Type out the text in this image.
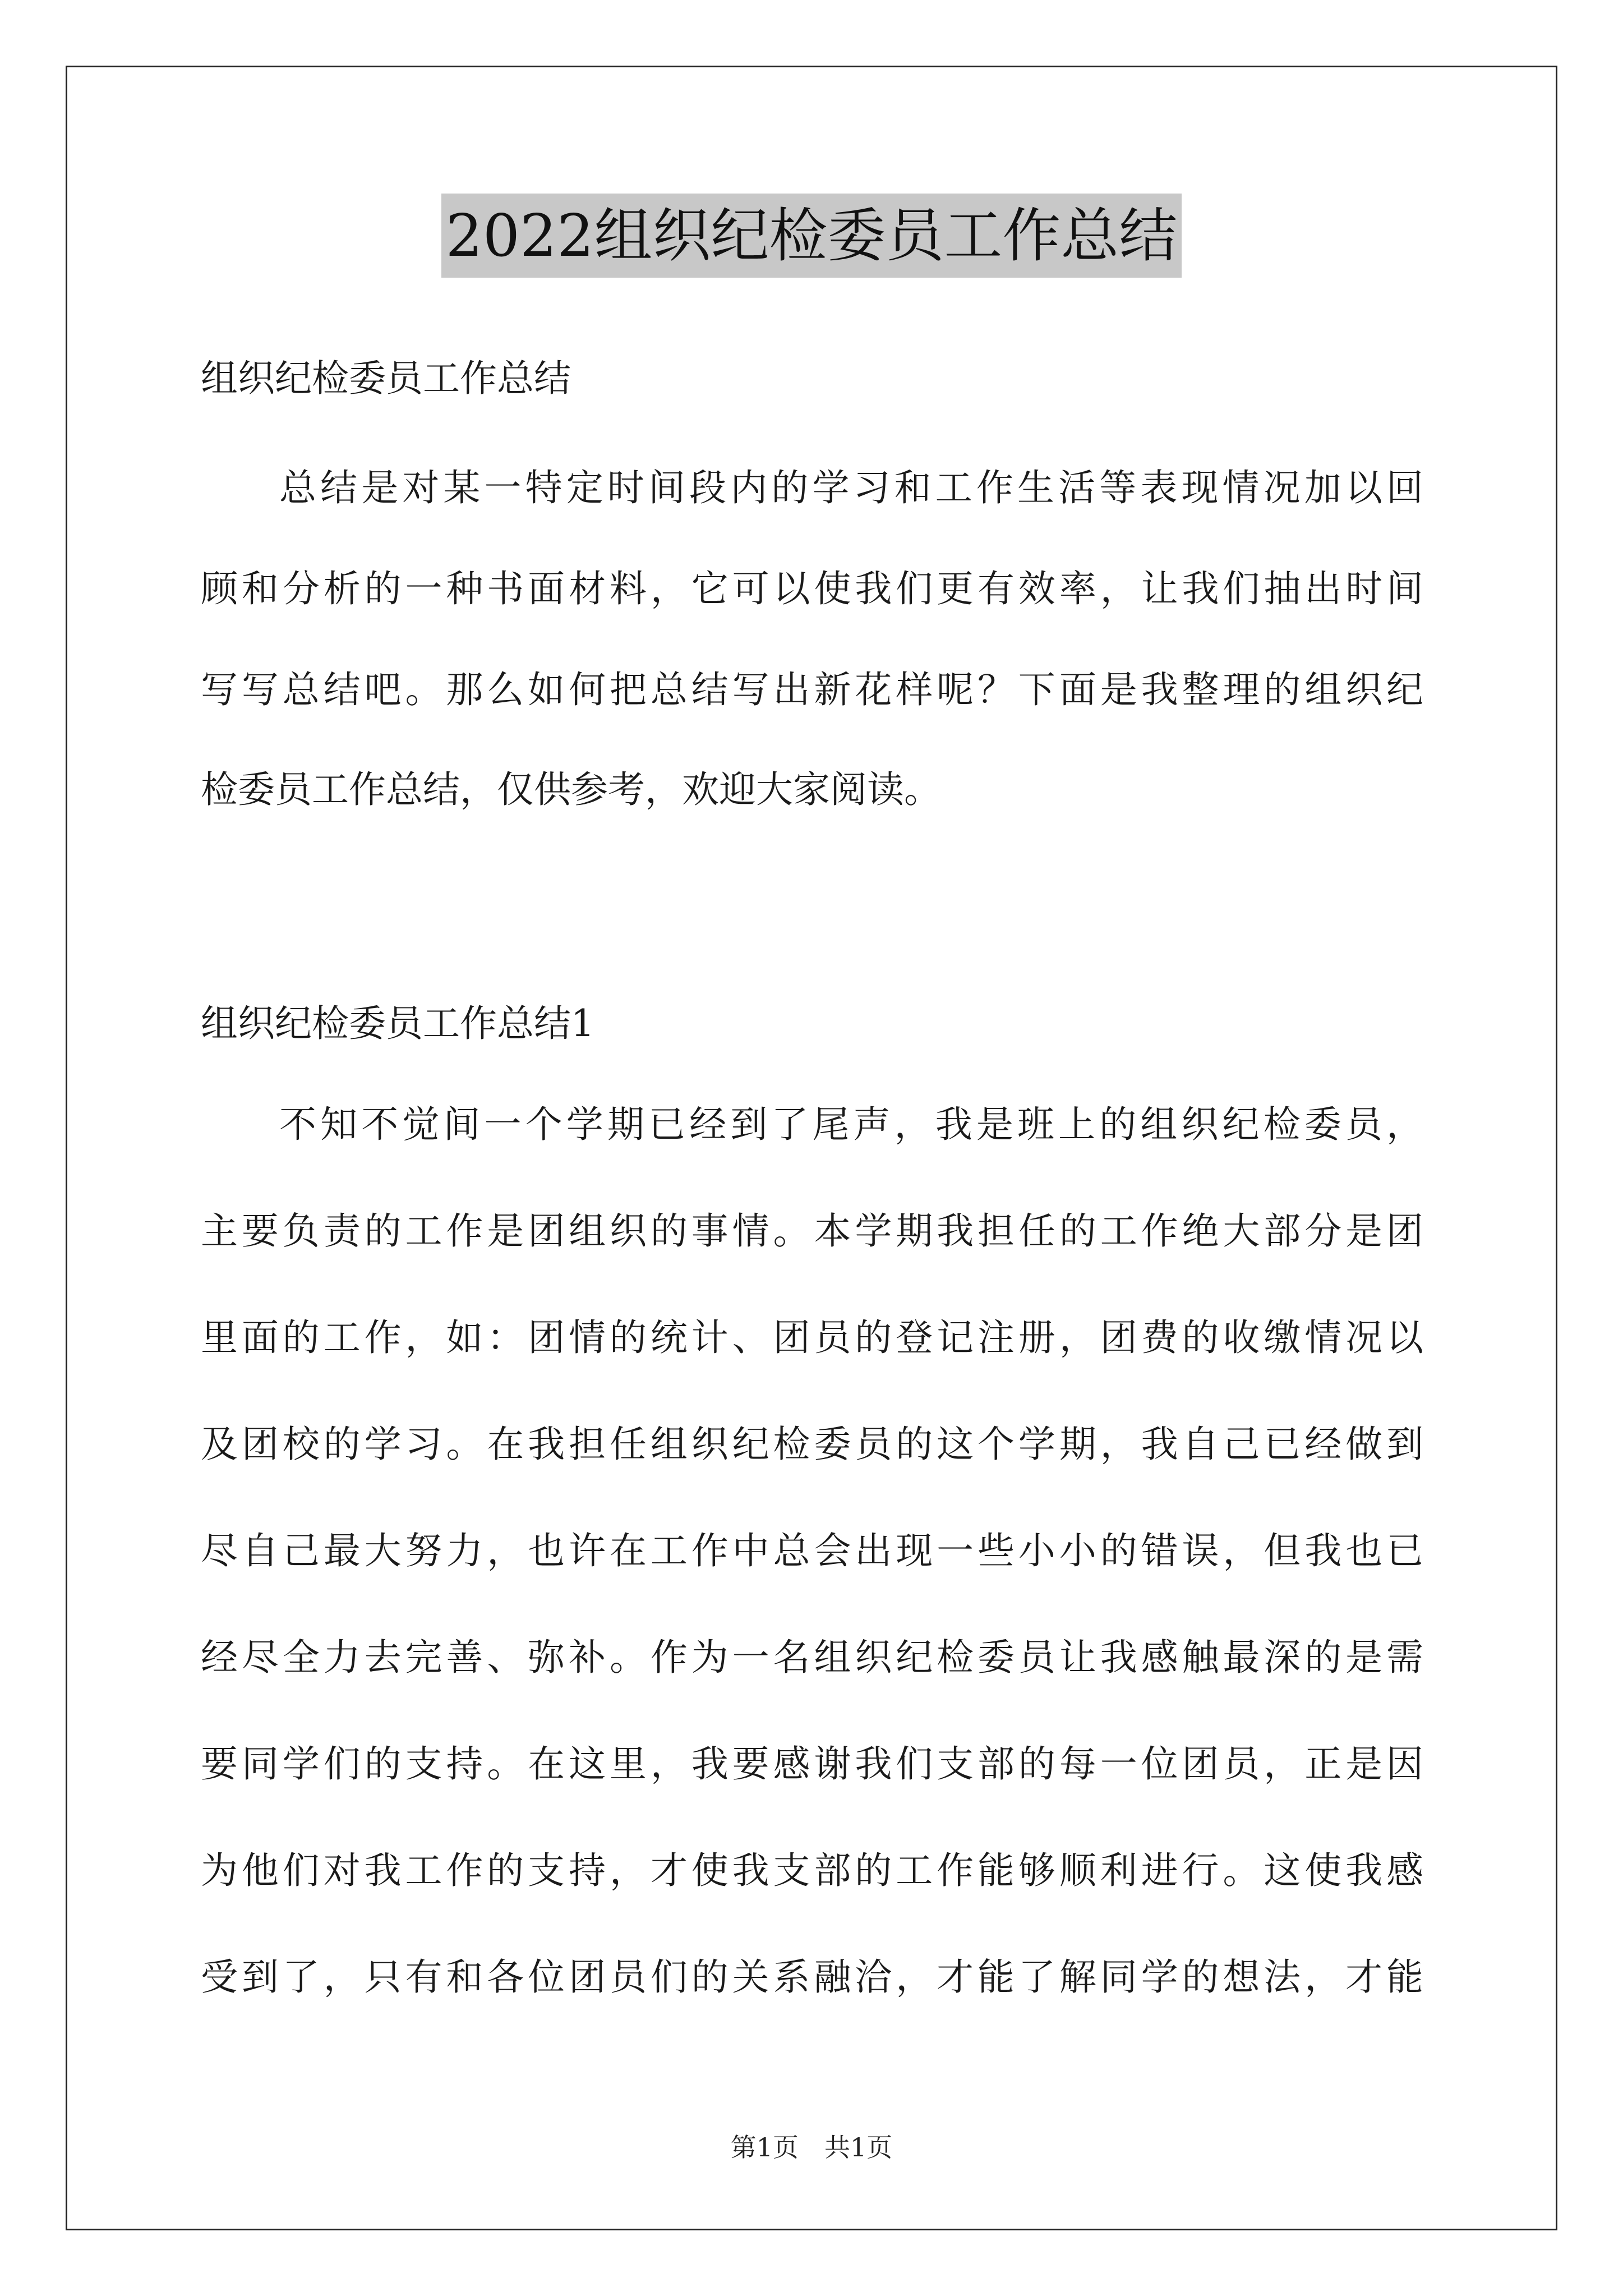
2022组织纪检委员工作总结
组织纪检委员工作总结
总结是对某一特定时间段内的学习和工作生活等表现情况加以回
顾和分析的一种书面材料，它可以使我们更有效率，让我们抽出时间
写写总结吧。那么如何把总结写出新花样呢？下面是我整理的组织纪
检委员工作总结，仅供参考，欢迎大家阅读。
组织纪检委员工作总结1
不知不觉间一个学期已经到了尾声，我是班上的组织纪检委员，
主要负责的工作是团组织的事情。本学期我担任的工作绝大部分是团
里面的工作，如：团情的统计、团员的登记注册，团费的收缴情况以
及团校的学习。在我担任组织纪检委员的这个学期，我自己已经做到
尽自己最大努力，也许在工作中总会出现一些小小的错误，但我也已
经尽全力去完善、弥补。作为一名组织纪检委员让我感触最深的是需
要同学们的支持。在这里，我要感谢我们支部的每一位团员，正是因
为他们对我工作的支持，才使我支部的工作能够顺利进行。这使我感
受到了，只有和各位团员们的关系融洽，才能了解同学的想法，才能
第1页　共1页
